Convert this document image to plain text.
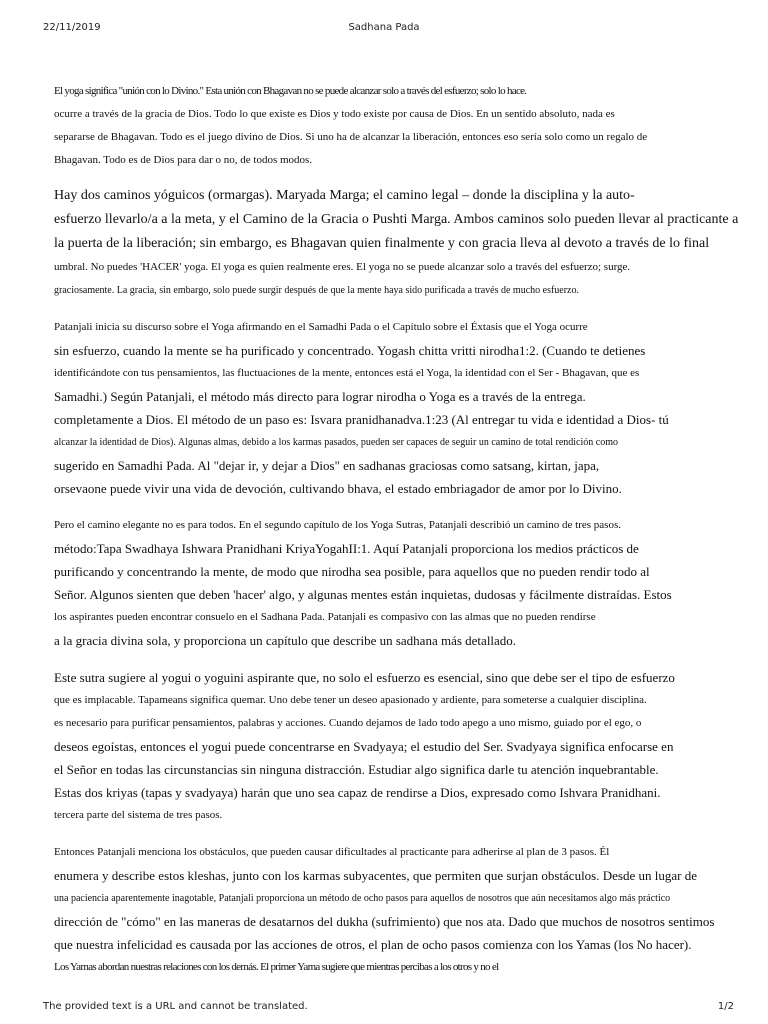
22/11/2019	Sadhana Pada
El yoga significa "unión con lo Divino." Esta unión con Bhagavan no se puede alcanzar solo a través del esfuerzo; solo lo hace.
ocurre a través de la gracia de Dios. Todo lo que existe es Dios y todo existe por causa de Dios. En un sentido absoluto, nada es
separarse de Bhagavan. Todo es el juego divino de Dios. Si uno ha de alcanzar la liberación, entonces eso sería solo como un regalo de
Bhagavan. Todo es de Dios para dar o no, de todos modos.
Hay dos caminos yóguicos (ormargas). Maryada Marga; el camino legal – donde la disciplina y la auto-
esfuerzo llevarlo/a a la meta, y el Camino de la Gracia o Pushti Marga. Ambos caminos solo pueden llevar al practicante a
la puerta de la liberación; sin embargo, es Bhagavan quien finalmente y con gracia lleva al devoto a través de lo final
umbral. No puedes 'HACER' yoga. El yoga es quien realmente eres. El yoga no se puede alcanzar solo a través del esfuerzo; surge.
graciosamente. La gracia, sin embargo, solo puede surgir después de que la mente haya sido purificada a través de mucho esfuerzo.
Patanjali inicia su discurso sobre el Yoga afirmando en el Samadhi Pada o el Capítulo sobre el Éxtasis que el Yoga ocurre
sin esfuerzo, cuando la mente se ha purificado y concentrado. Yogash chitta vritti nirodha1:2. (Cuando te detienes
identificándote con tus pensamientos, las fluctuaciones de la mente, entonces está el Yoga, la identidad con el Ser - Bhagavan, que es
Samadhi.) Según Patanjali, el método más directo para lograr nirodha o Yoga es a través de la entrega.
completamente a Dios. El método de un paso es: Isvara pranidhanadva.1:23 (Al entregar tu vida e identidad a Dios- tú
alcanzar la identidad de Dios). Algunas almas, debido a los karmas pasados, pueden ser capaces de seguir un camino de total rendición como
sugerido en Samadhi Pada. Al "dejar ir, y dejar a Dios" en sadhanas graciosas como satsang, kirtan, japa,
orsevaone puede vivir una vida de devoción, cultivando bhava, el estado embriagador de amor por lo Divino.
Pero el camino elegante no es para todos. En el segundo capítulo de los Yoga Sutras, Patanjali describió un camino de tres pasos.
método:Tapa Swadhaya Ishwara Pranidhani KriyaYogahII:1. Aquí Patanjali proporciona los medios prácticos de
purificando y concentrando la mente, de modo que nirodha sea posible, para aquellos que no pueden rendir todo al
Señor. Algunos sienten que deben 'hacer' algo, y algunas mentes están inquietas, dudosas y fácilmente distraídas. Estos
los aspirantes pueden encontrar consuelo en el Sadhana Pada. Patanjali es compasivo con las almas que no pueden rendirse
a la gracia divina sola, y proporciona un capítulo que describe un sadhana más detallado.
Este sutra sugiere al yogui o yoguini aspirante que, no solo el esfuerzo es esencial, sino que debe ser el tipo de esfuerzo
que es implacable. Tapameans significa quemar. Uno debe tener un deseo apasionado y ardiente, para someterse a cualquier disciplina.
es necesario para purificar pensamientos, palabras y acciones. Cuando dejamos de lado todo apego a uno mismo, guiado por el ego, o
deseos egoístas, entonces el yogui puede concentrarse en Svadyaya; el estudio del Ser. Svadyaya significa enfocarse en
el Señor en todas las circunstancias sin ninguna distracción. Estudiar algo significa darle tu atención inquebrantable.
Estas dos kriyas (tapas y svadyaya) harán que uno sea capaz de rendirse a Dios, expresado como Ishvara Pranidhani.
tercera parte del sistema de tres pasos.
Entonces Patanjali menciona los obstáculos, que pueden causar dificultades al practicante para adherirse al plan de 3 pasos. Él
enumera y describe estos kleshas, junto con los karmas subyacentes, que permiten que surjan obstáculos. Desde un lugar de
una paciencia aparentemente inagotable, Patanjali proporciona un método de ocho pasos para aquellos de nosotros que aún necesitamos algo más práctico
dirección de "cómo" en las maneras de desatarnos del dukha (sufrimiento) que nos ata. Dado que muchos de nosotros sentimos
que nuestra infelicidad es causada por las acciones de otros, el plan de ocho pasos comienza con los Yamas (los No hacer).
Los Yamas abordan nuestras relaciones con los demás. El primer Yama sugiere que mientras percibas a los otros y no el
The provided text is a URL and cannot be translated.	1/2
